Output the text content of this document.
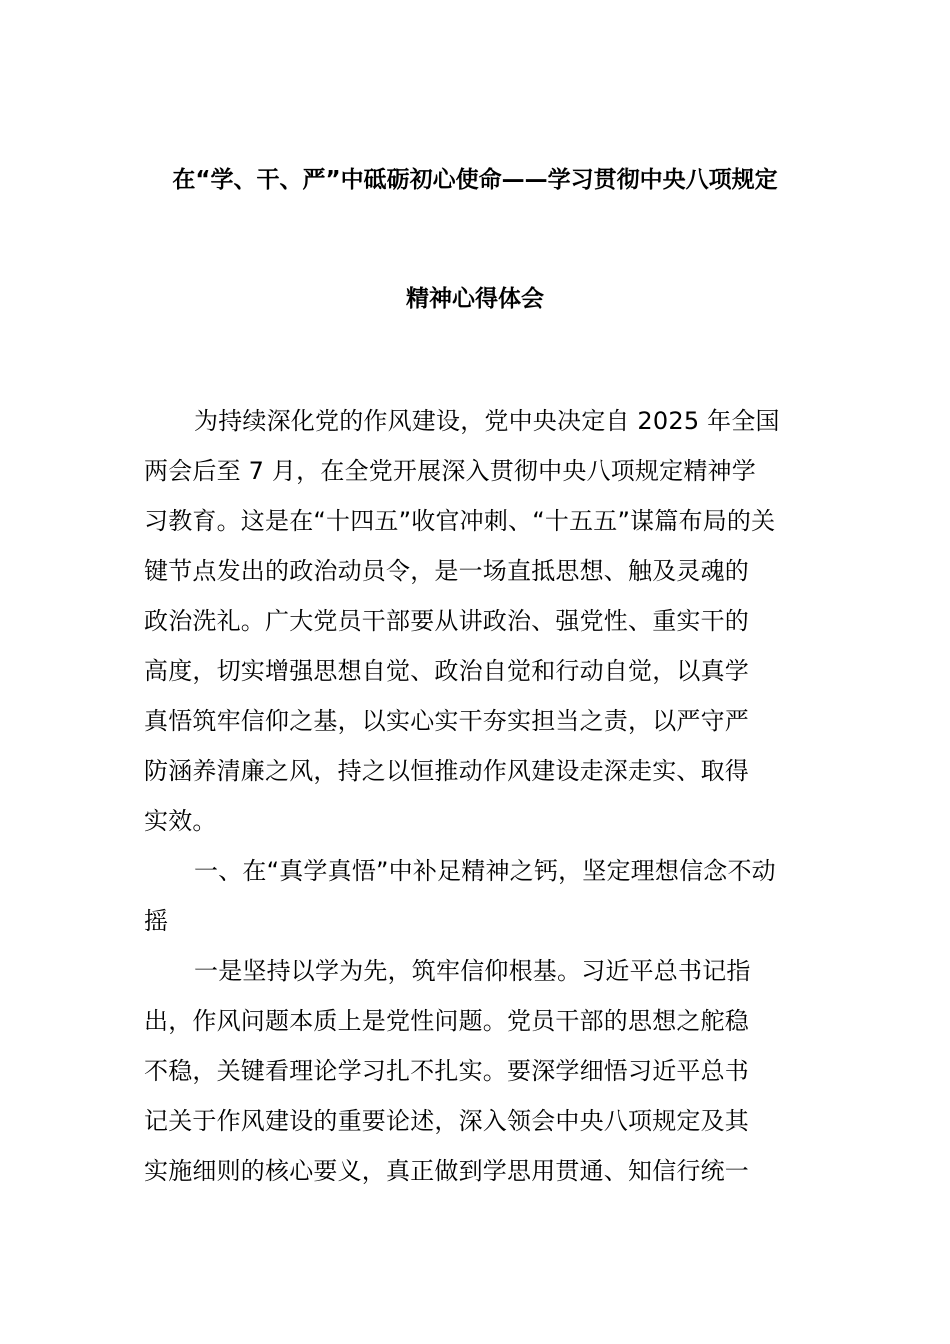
在“学、干、严”中砥砺初心使命——学习贯彻中央八项规定
精神心得体会
为持续深化党的作风建设，党中央决定自 2025 年全国
两会后至 7 月，在全党开展深入贯彻中央八项规定精神学
习教育。这是在“十四五”收官冲刺、“十五五”谋篇布局的关
键节点发出的政治动员令，是一场直抵思想、触及灵魂的
政治洗礼。广大党员干部要从讲政治、强党性、重实干的
高度，切实增强思想自觉、政治自觉和行动自觉，以真学
真悟筑牢信仰之基，以实心实干夯实担当之责，以严守严
防涵养清廉之风，持之以恒推动作风建设走深走实、取得
实效。
一、在“真学真悟”中补足精神之钙，坚定理想信念不动
摇
一是坚持以学为先，筑牢信仰根基。习近平总书记指
出，作风问题本质上是党性问题。党员干部的思想之舵稳
不稳，关键看理论学习扎不扎实。要深学细悟习近平总书
记关于作风建设的重要论述，深入领会中央八项规定及其
实施细则的核心要义，真正做到学思用贯通、知信行统一
